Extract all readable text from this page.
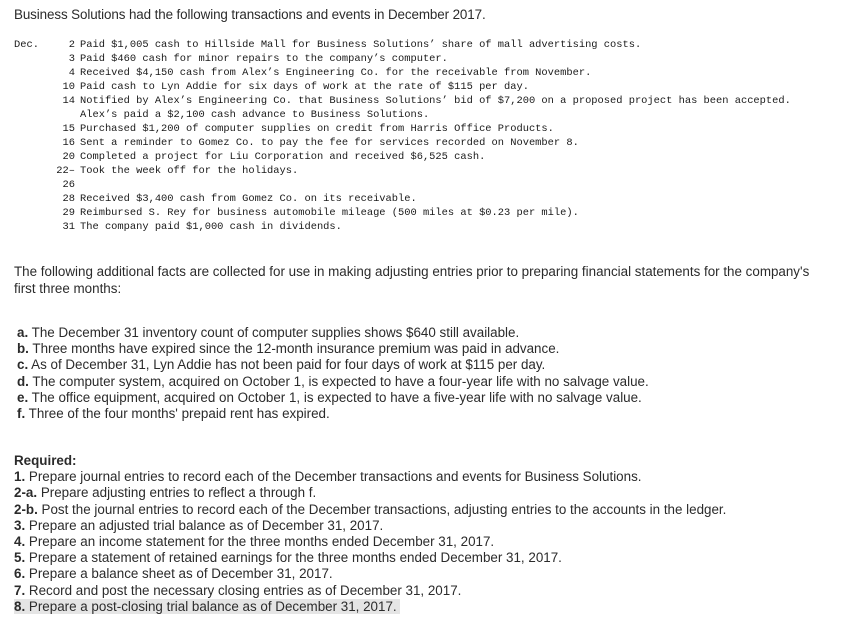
Business Solutions had the following transactions and events in December 2017.
Dec.	2 Paid $1,005 cash to Hillside Mall for Business Solutions’ share of mall advertising costs.
3 Paid $460 cash for minor repairs to the company’s computer.
4 Received $4,150 cash from Alex’s Engineering Co. for the receivable from November.
10 Paid cash to Lyn Addie for six days of work at the rate of $115 per day.
14 Notified by Alex’s Engineering Co. that Business Solutions’ bid of $7,200 on a proposed project has been accepted. Alex’s paid a $2,100 cash advance to Business Solutions.
15 Purchased $1,200 of computer supplies on credit from Harris Office Products.
16 Sent a reminder to Gomez Co. to pay the fee for services recorded on November 8.
20 Completed a project for Liu Corporation and received $6,525 cash.
22– Took the week off for the holidays.
26
28 Received $3,400 cash from Gomez Co. on its receivable.
29 Reimbursed S. Rey for business automobile mileage (500 miles at $0.23 per mile).
31 The company paid $1,000 cash in dividends.
The following additional facts are collected for use in making adjusting entries prior to preparing financial statements for the company's first three months:
a. The December 31 inventory count of computer supplies shows $640 still available.
b. Three months have expired since the 12-month insurance premium was paid in advance.
c. As of December 31, Lyn Addie has not been paid for four days of work at $115 per day.
d. The computer system, acquired on October 1, is expected to have a four-year life with no salvage value.
e. The office equipment, acquired on October 1, is expected to have a five-year life with no salvage value.
f. Three of the four months' prepaid rent has expired.
Required:
1. Prepare journal entries to record each of the December transactions and events for Business Solutions.
2-a. Prepare adjusting entries to reflect a through f.
2-b. Post the journal entries to record each of the December transactions, adjusting entries to the accounts in the ledger.
3. Prepare an adjusted trial balance as of December 31, 2017.
4. Prepare an income statement for the three months ended December 31, 2017.
5. Prepare a statement of retained earnings for the three months ended December 31, 2017.
6. Prepare a balance sheet as of December 31, 2017.
7. Record and post the necessary closing entries as of December 31, 2017.
8. Prepare a post-closing trial balance as of December 31, 2017.
